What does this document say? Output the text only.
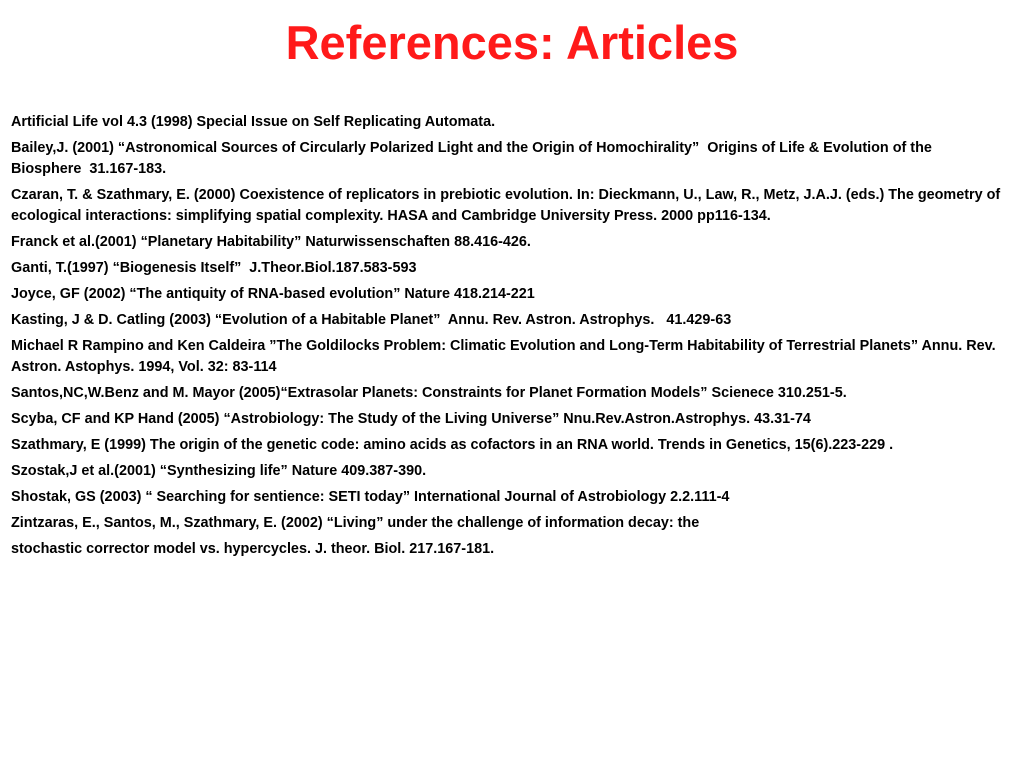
References: Articles
Artificial Life vol 4.3 (1998) Special Issue on Self Replicating Automata.
Bailey,J. (2001) “Astronomical Sources of Circularly Polarized Light and the Origin of Homochirality”  Origins of Life & Evolution of the Biosphere  31.167-183.
Czaran, T. & Szathmary, E. (2000) Coexistence of replicators in prebiotic evolution. In: Dieckmann, U., Law, R., Metz, J.A.J. (eds.) The geometry of ecological interactions: simplifying spatial complexity. HASA and Cambridge University Press. 2000 pp116-134.
Franck et al.(2001) “Planetary Habitability” Naturwissenschaften 88.416-426.
Ganti, T.(1997) “Biogenesis Itself”  J.Theor.Biol.187.583-593
Joyce, GF (2002) “The antiquity of RNA-based evolution” Nature 418.214-221
Kasting, J & D. Catling (2003) “Evolution of a Habitable Planet”  Annu. Rev. Astron. Astrophys.   41.429-63
Michael R Rampino and Ken Caldeira ”The Goldilocks Problem: Climatic Evolution and Long-Term Habitability of Terrestrial Planets” Annu. Rev. Astron. Astophys. 1994, Vol. 32: 83-114
Santos,NC,W.Benz and M. Mayor (2005)“Extrasolar Planets: Constraints for Planet Formation Models” Scienece 310.251-5.
Scyba, CF and KP Hand (2005) “Astrobiology: The Study of the Living Universe” Nnu.Rev.Astron.Astrophys. 43.31-74
Szathmary, E (1999) The origin of the genetic code: amino acids as cofactors in an RNA world. Trends in Genetics, 15(6).223-229 .
Szostak,J et al.(2001) “Synthesizing life” Nature 409.387-390.
Shostak, GS (2003) “ Searching for sentience: SETI today” International Journal of Astrobiology 2.2.111-4
Zintzaras, E., Santos, M., Szathmary, E. (2002) “Living” under the challenge of information decay: the
stochastic corrector model vs. hypercycles. J. theor. Biol. 217.167-181.
